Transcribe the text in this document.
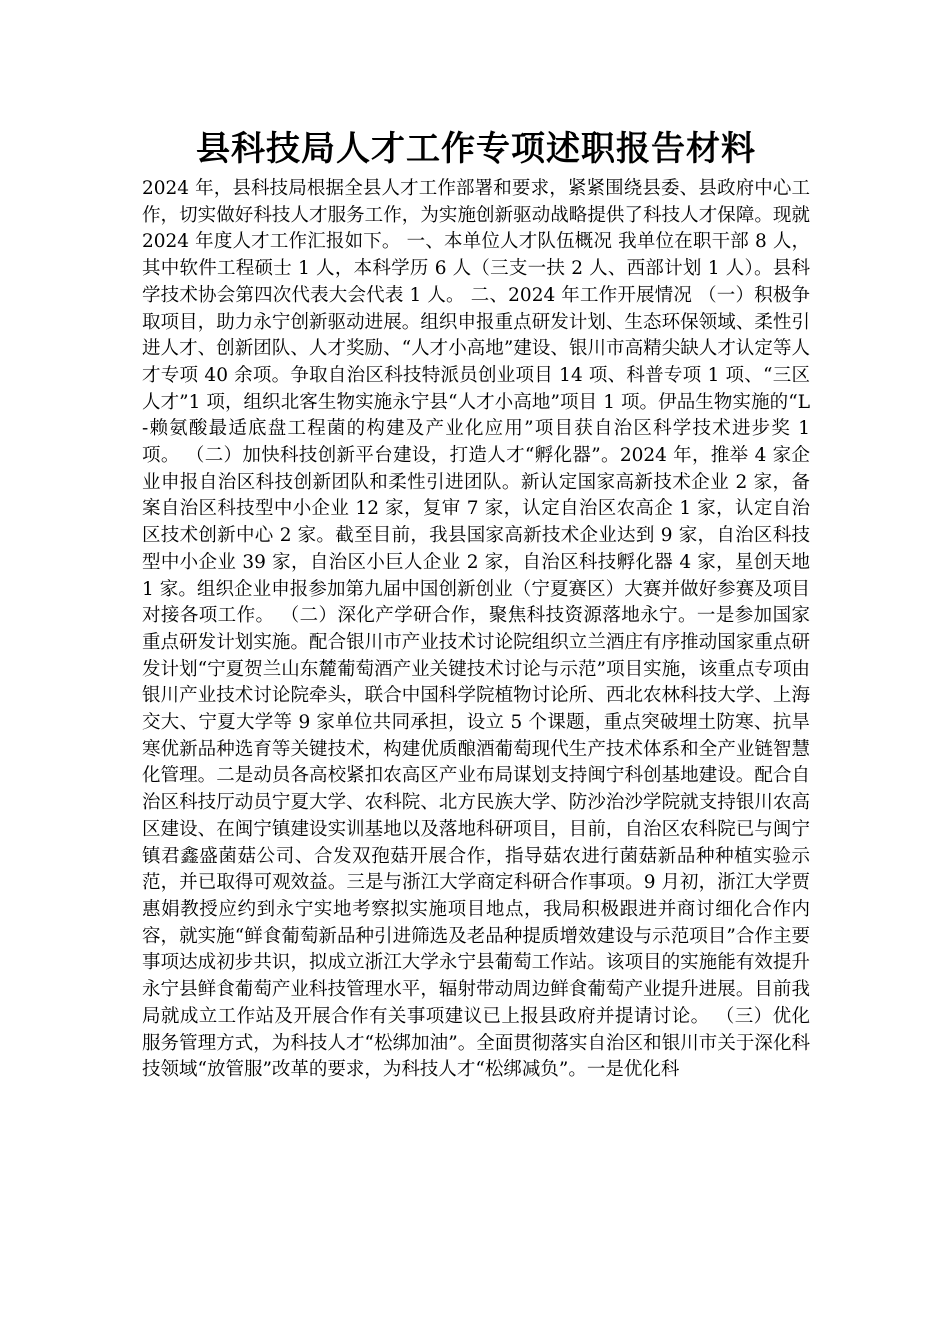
县科技局人才工作专项述职报告材料

2024 年，县科技局根据全县人才工作部署和要求，紧紧围绕县委、县政府中心工作，切实做好科技人才服务工作，为实施创新驱动战略提供了科技人才保障。现就 2024 年度人才工作汇报如下。 一、本单位人才队伍概况 我单位在职干部 8 人，其中软件工程硕士 1 人，本科学历 6 人（三支一扶 2 人、西部计划 1 人）。县科学技术协会第四次代表大会代表 1 人。 二、2024 年工作开展情况 （一）积极争取项目，助力永宁创新驱动进展。组织申报重点研发计划、生态环保领域、柔性引进人才、创新团队、人才奖励、“人才小高地”建设、银川市高精尖缺人才认定等人才专项 40 余项。争取自治区科技特派员创业项目 14 项、科普专项 1 项、“三区人才”1 项，组织北客生物实施永宁县“人才小高地”项目 1 项。伊品生物实施的“L-赖氨酸最适底盘工程菌的构建及产业化应用”项目获自治区科学技术进步奖 1 项。 （二）加快科技创新平台建设，打造人才“孵化器”。2024 年，推举 4 家企业申报自治区科技创新团队和柔性引进团队。新认定国家高新技术企业 2 家，备案自治区科技型中小企业 12 家，复审 7 家，认定自治区农高企 1 家，认定自治区技术创新中心 2 家。截至目前，我县国家高新技术企业达到 9 家，自治区科技型中小企业 39 家，自治区小巨人企业 2 家，自治区科技孵化器 4 家，星创天地 1 家。组织企业申报参加第九届中国创新创业（宁夏赛区）大赛并做好参赛及项目对接各项工作。 （二）深化产学研合作，聚焦科技资源落地永宁。一是参加国家重点研发计划实施。配合银川市产业技术讨论院组织立兰酒庄有序推动国家重点研发计划“宁夏贺兰山东麓葡萄酒产业关键技术讨论与示范”项目实施，该重点专项由银川产业技术讨论院牵头，联合中国科学院植物讨论所、西北农林科技大学、上海交大、宁夏大学等 9 家单位共同承担，设立 5 个课题，重点突破埋土防寒、抗旱寒优新品种选育等关键技术，构建优质酿酒葡萄现代生产技术体系和全产业链智慧化管理。二是动员各高校紧扣农高区产业布局谋划支持闽宁科创基地建设。配合自治区科技厅动员宁夏大学、农科院、北方民族大学、防沙治沙学院就支持银川农高区建设、在闽宁镇建设实训基地以及落地科研项目，目前，自治区农科院已与闽宁镇君鑫盛菌菇公司、合发双孢菇开展合作，指导菇农进行菌菇新品种种植实验示范，并已取得可观效益。三是与浙江大学商定科研合作事项。9 月初，浙江大学贾惠娟教授应约到永宁实地考察拟实施项目地点，我局积极跟进并商讨细化合作内容，就实施“鲜食葡萄新品种引进筛选及老品种提质增效建设与示范项目”合作主要事项达成初步共识，拟成立浙江大学永宁县葡萄工作站。该项目的实施能有效提升永宁县鲜食葡萄产业科技管理水平，辐射带动周边鲜食葡萄产业提升进展。目前我局就成立工作站及开展合作有关事项建议已上报县政府并提请讨论。 （三）优化服务管理方式，为科技人才“松绑加油”。全面贯彻落实自治区和银川市关于深化科技领域“放管服”改革的要求，为科技人才“松绑减负”。一是优化科
